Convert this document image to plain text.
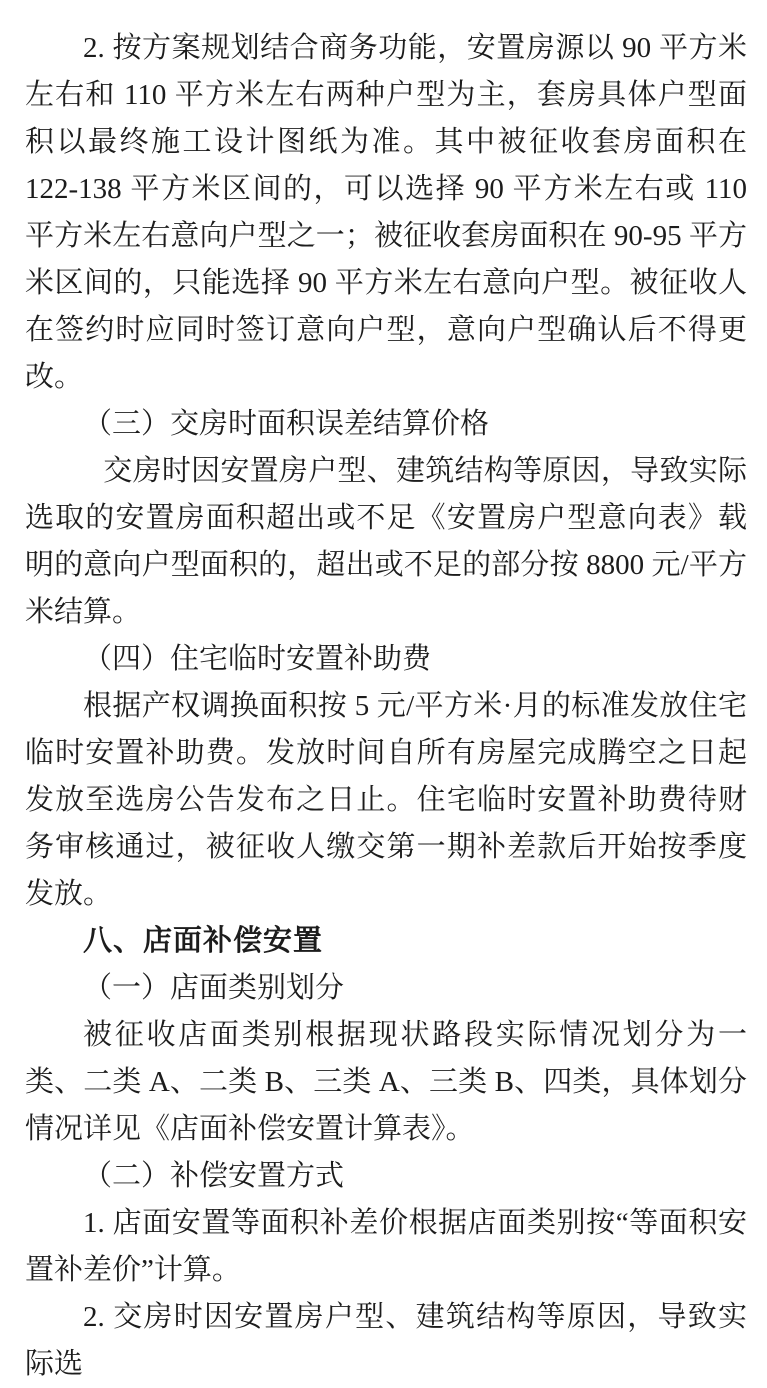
2. 按方案规划结合商务功能，安置房源以 90 平方米左右和 110 平方米左右两种户型为主，套房具体户型面积以最终施工设计图纸为准。其中被征收套房面积在 122-138 平方米区间的，可以选择 90 平方米左右或 110 平方米左右意向户型之一；被征收套房面积在 90-95 平方米区间的，只能选择 90 平方米左右意向户型。被征收人在签约时应同时签订意向户型，意向户型确认后不得更改。

（三）交房时面积误差结算价格

交房时因安置房户型、建筑结构等原因，导致实际选取的安置房面积超出或不足《安置房户型意向表》载明的意向户型面积的，超出或不足的部分按 8800 元/平方米结算。

（四）住宅临时安置补助费

根据产权调换面积按 5 元/平方米·月的标准发放住宅临时安置补助费。发放时间自所有房屋完成腾空之日起发放至选房公告发布之日止。住宅临时安置补助费待财务审核通过，被征收人缴交第一期补差款后开始按季度发放。

八、店面补偿安置

（一）店面类别划分

被征收店面类别根据现状路段实际情况划分为一类、二类 A、二类 B、三类 A、三类 B、四类，具体划分情况详见《店面补偿安置计算表》。

（二）补偿安置方式

1. 店面安置等面积补差价根据店面类别按“等面积安置补差价”计算。

2. 交房时因安置房户型、建筑结构等原因，导致实际选
